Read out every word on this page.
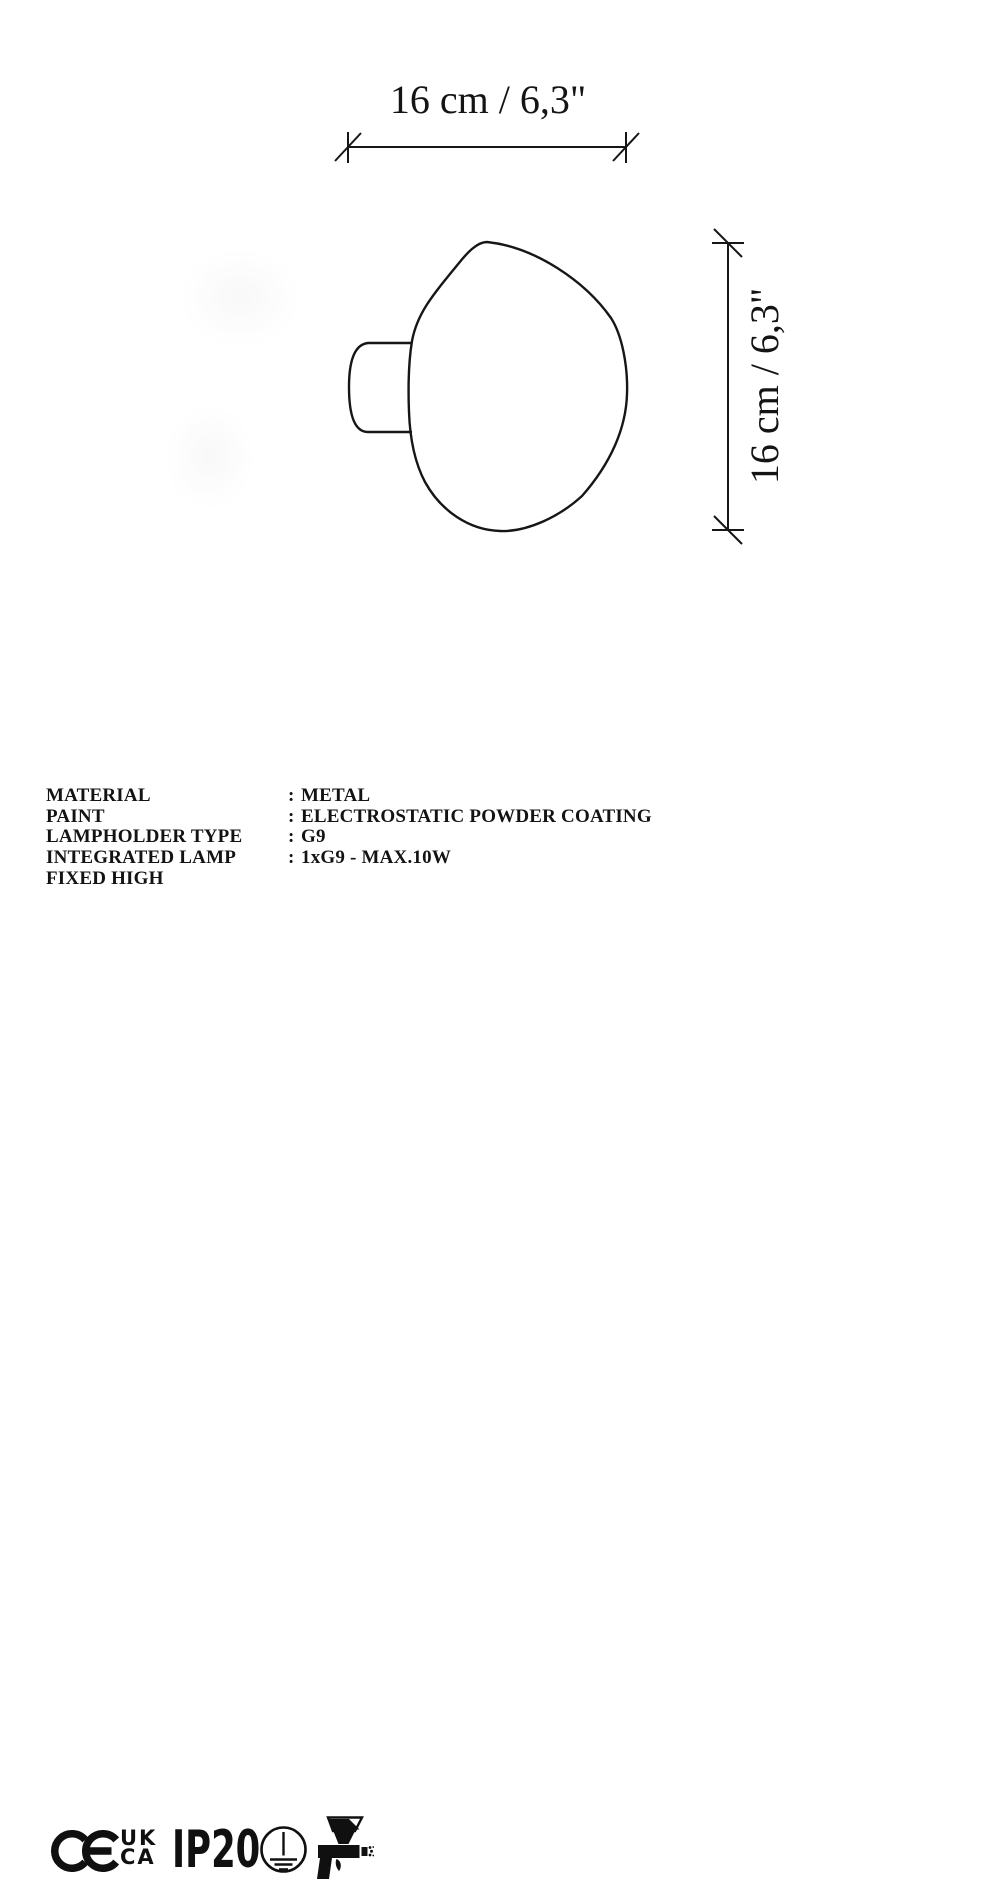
16 cm / 6,3"
16 cm / 6,3"
MATERIAL	: METAL
PAINT	: ELECTROSTATIC POWDER COATING
LAMPHOLDER TYPE	: G9
INTEGRATED LAMP	: 1xG9 - MAX.10W
FIXED HIGH
UK
CA IP20
